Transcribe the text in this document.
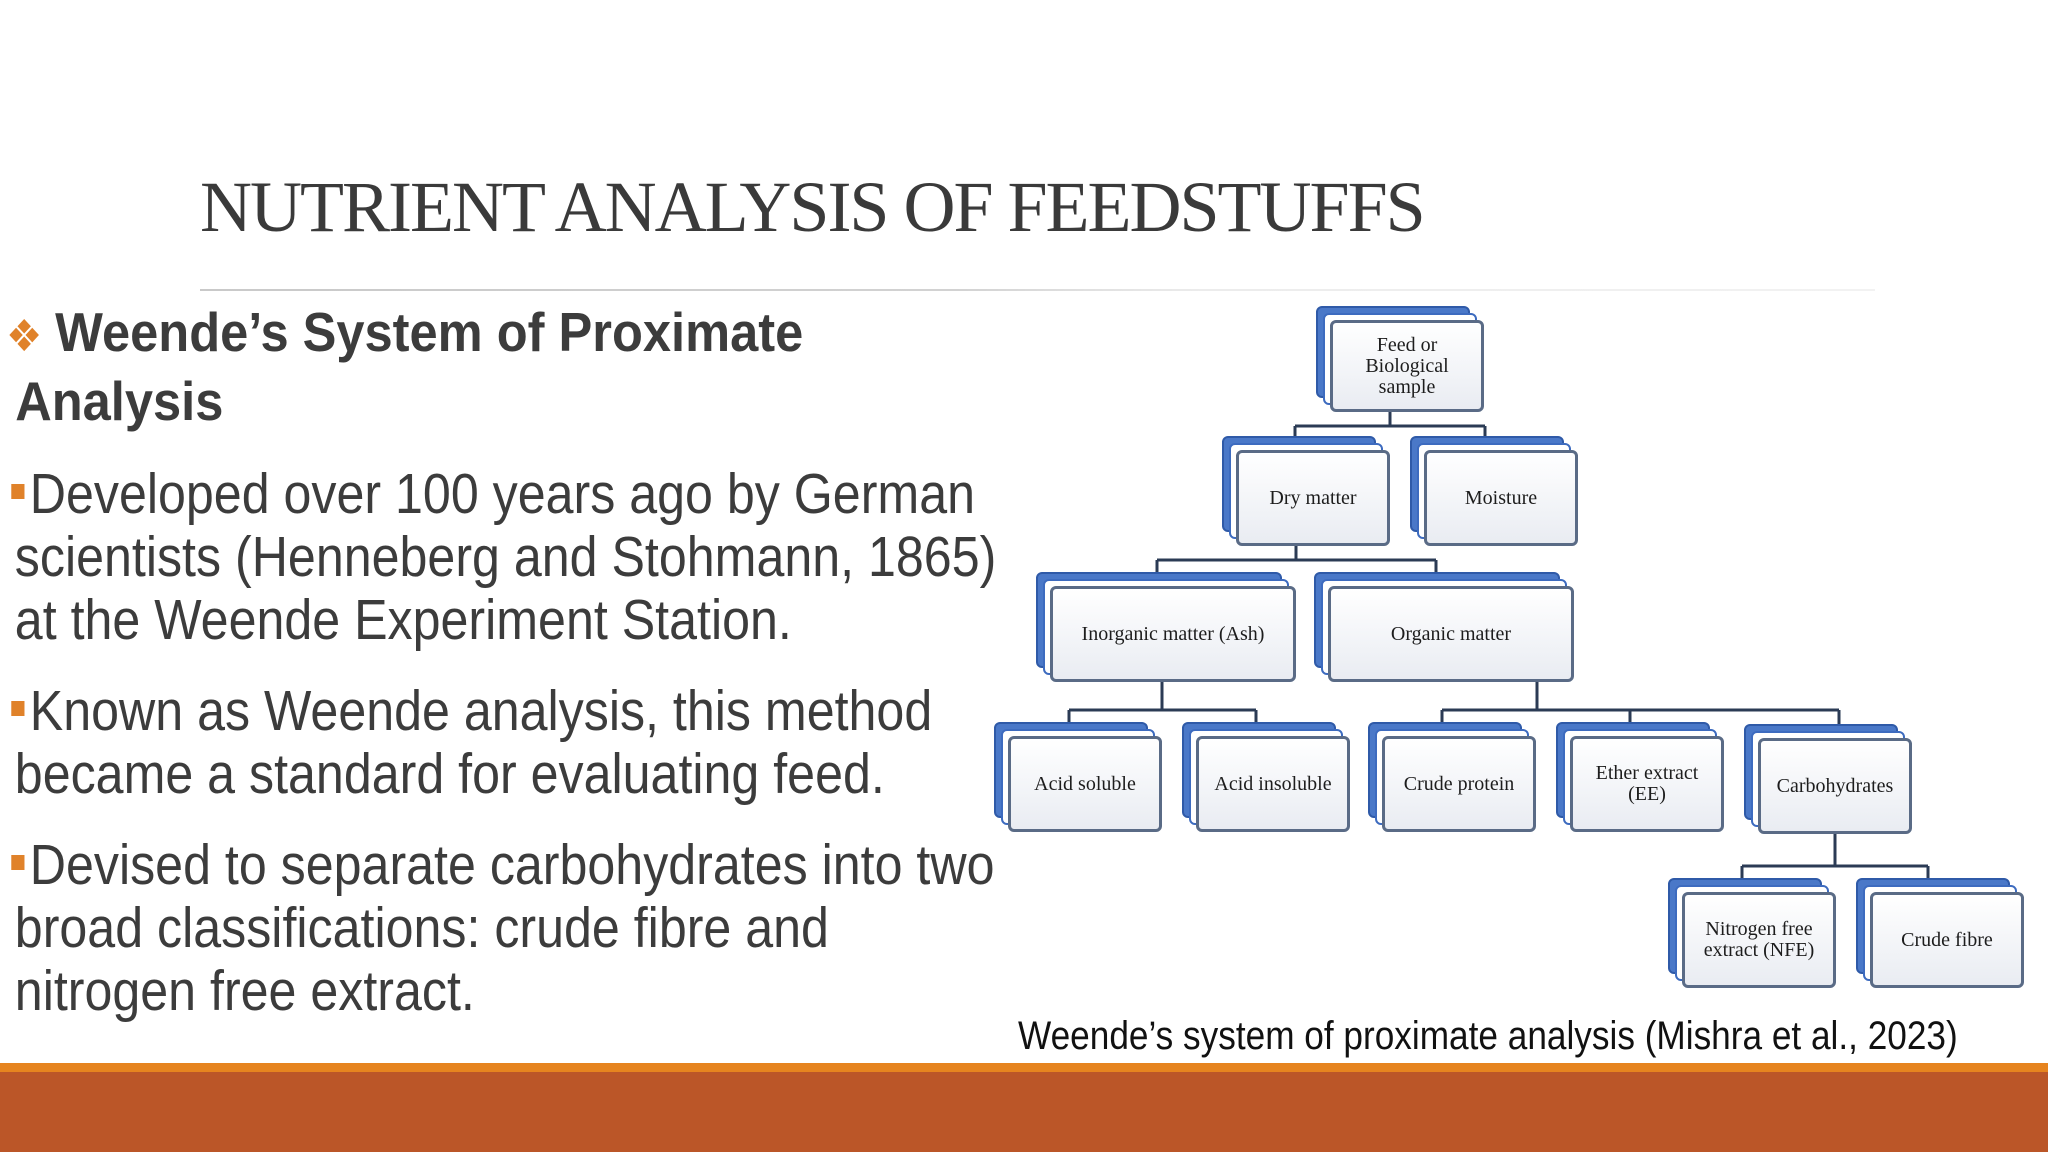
NUTRIENT ANALYSIS OF FEEDSTUFFS

❖ Weende’s System of Proximate
Analysis

Developed over 100 years ago by German
scientists (Henneberg and Stohmann, 1865)
at the Weende Experiment Station.

Known as Weende analysis, this method
became a standard for evaluating feed.

Devised to separate carbohydrates into two
broad classifications: crude fibre and
nitrogen free extract.

Feed or Biological sample
Dry matter	Moisture
Inorganic matter (Ash)	Organic matter
Acid soluble	Acid insoluble	Crude protein	Ether extract (EE)	Carbohydrates
Nitrogen free extract (NFE)	Crude fibre
Weende’s system of proximate analysis (Mishra et al., 2023)
